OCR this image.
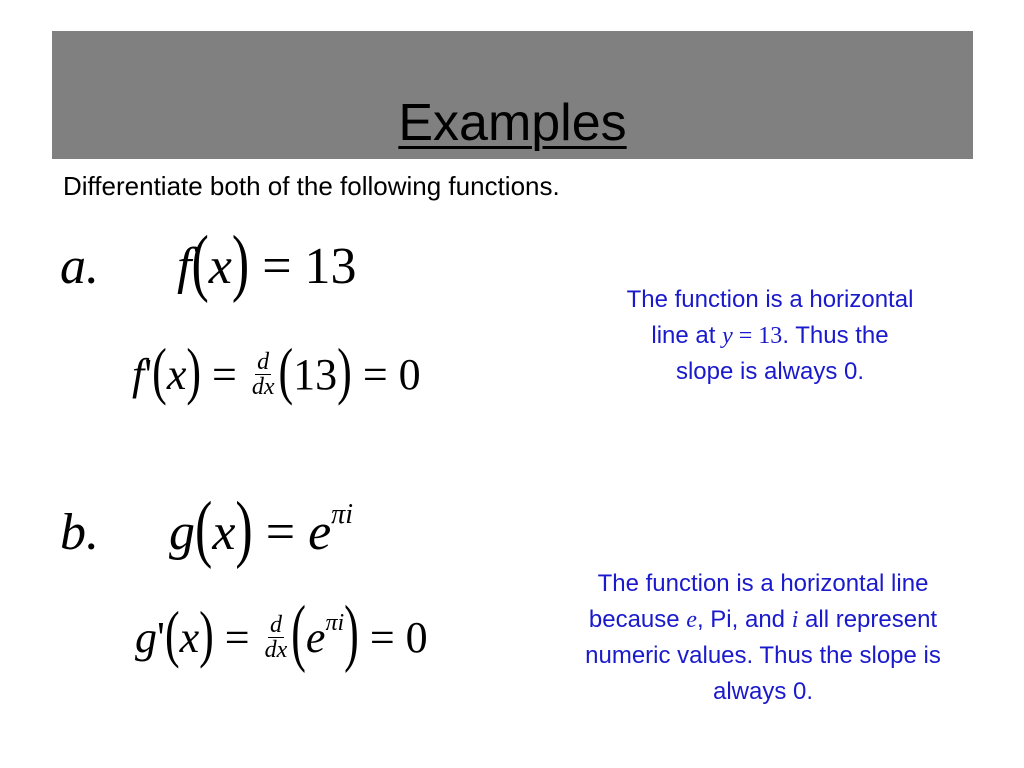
Examples
Differentiate both of the following functions.
a. f(x) = 13
$f'(x) = \frac{d}{dx} (13) = 0$
The function is a horizontal
line at y = 13. Thus the
slope is always 0.
b. $g(x) = e^{\pi i}$
$g'(x) = \frac{d}{dx} (e^{\pi i}) = 0$
The function is a horizontal line
because e, Pi, and i all represent
numeric values. Thus the slope is
always 0.
